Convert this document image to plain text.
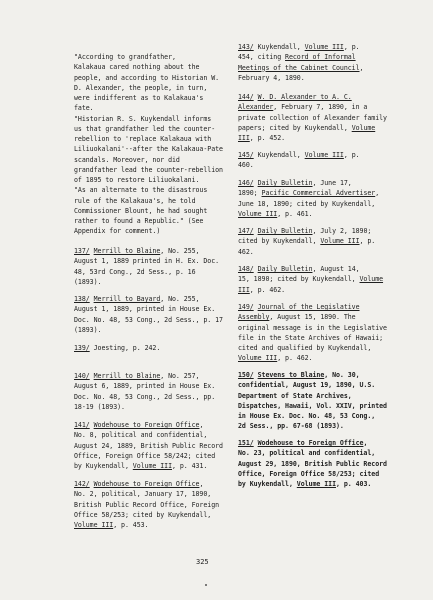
"According to grandfather,
Kalakaua cared nothing about the
people, and according to Historian W.
D. Alexander, the people, in turn,
were indifferent as to Kalakaua's
fate.
"Historian R. S. Kuykendall informs
us that grandfather led the counter-
rebellion to 'replace Kalakaua with
Liliuokalani'--after the Kalakaua-Pate
scandals. Moreover, nor did
grandfather lead the counter-rebellion
of 1895 to restore Liliuokalani.
"As an alternate to the disastrous
rule of the Kalakaua's, he told
Commissioner Blount, he had sought
rather to found a Republic." (See
Appendix for comment.)
137/ Merrill to Blaine, No. 255,
August 1, 1889 printed in H. Ex. Doc.
48, 53rd Cong., 2d Sess., p. 16
(1893).
138/ Merrill to Bayard, No. 255,
August 1, 1889, printed in House Ex.
Doc. No. 48, 53 Cong., 2d Sess., p. 17
(1893).
139/ Joesting, p. 242.
140/ Merrill to Blaine, No. 257,
August 6, 1889, printed in House Ex.
Doc. No. 48, 53 Cong., 2d Sess., pp.
18-19 (1893).
141/ Wodehouse to Foreign Office,
No. 8, political and confidential,
August 24, 1889, British Public Record
Office, Foreign Office 58/242; cited
by Kuykendall, Volume III, p. 431.
142/ Wodehouse to Foreign Office,
No. 2, political, January 17, 1890,
British Public Record Office, Foreign
Office 58/253; cited by Kuykendall,
Volume III, p. 453.
143/ Kuykendall, Volume III, p.
454, citing Record of Informal
Meetings of the Cabinet Council,
February 4, 1890.
144/ W. D. Alexander to A. C.
Alexander, February 7, 1890, in a
private collection of Alexander family
papers; cited by Kuykendall, Volume
III, p. 452.
145/ Kuykendall, Volume III, p.
460.
146/ Daily Bulletin, June 17,
1890; Pacific Commercial Advertiser,
June 18, 1890; cited by Kuykendall,
Volume III, p. 461.
147/ Daily Bulletin, July 2, 1890;
cited by Kuykendall, Volume III, p.
462.
148/ Daily Bulletin, August 14,
15, 1890; cited by Kuykendall, Volume
III, p. 462.
149/ Journal of the Legislative
Assembly, August 15, 1890. The
original message is in the Legislative
file in the State Archives of Hawaii;
cited and qualified by Kuykendall,
Volume III, p. 462.
150/ Stevens to Blaine, No. 30,
confidential, August 19, 1890, U.S.
Department of State Archives,
Dispatches, Hawaii, Vol. XXIV, printed
in House Ex. Doc. No. 48, 53 Cong.,
2d Sess., pp. 67-68 (1893).
151/ Wodehouse to Foreign Office,
No. 23, political and confidential,
August 29, 1890, British Public Record
Office, Foreign Office 58/253; cited
by Kuykendall, Volume III, p. 403.
325
